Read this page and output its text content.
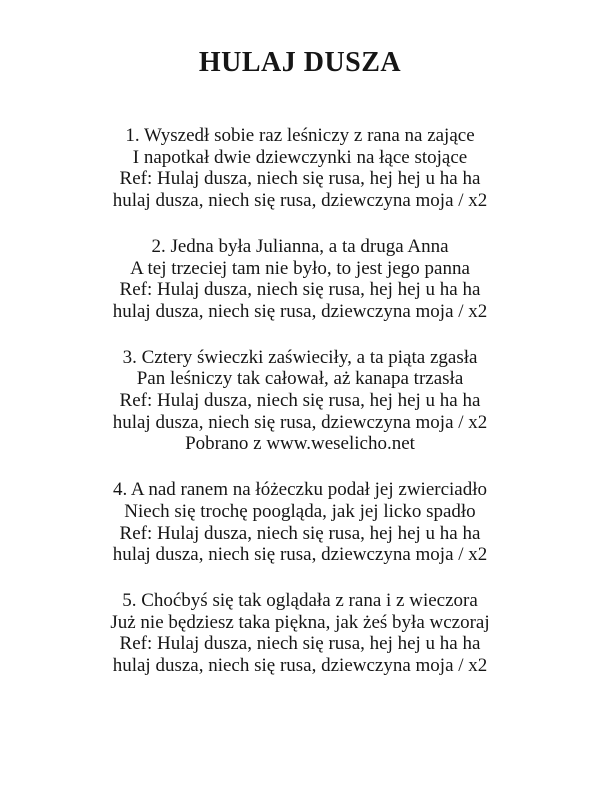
HULAJ DUSZA

1. Wyszedł sobie raz leśniczy z rana na zające
I napotkał dwie dziewczynki na łące stojące
Ref: Hulaj dusza, niech się rusa, hej hej u ha ha
hulaj dusza, niech się rusa, dziewczyna moja / x2

2. Jedna była Julianna, a ta druga Anna
A tej trzeciej tam nie było, to jest jego panna
Ref: Hulaj dusza, niech się rusa, hej hej u ha ha
hulaj dusza, niech się rusa, dziewczyna moja / x2

3. Cztery świeczki zaświeciły, a ta piąta zgasła
Pan leśniczy tak całował, aż kanapa trzasła
Ref: Hulaj dusza, niech się rusa, hej hej u ha ha
hulaj dusza, niech się rusa, dziewczyna moja / x2
Pobrano z www.weselicho.net

4. A nad ranem na łóżeczku podał jej zwierciadło
Niech się trochę poogląda, jak jej licko spadło
Ref: Hulaj dusza, niech się rusa, hej hej u ha ha
hulaj dusza, niech się rusa, dziewczyna moja / x2

5. Choćbyś się tak oglądała z rana i z wieczora
Już nie będziesz taka piękna, jak żeś była wczoraj
Ref: Hulaj dusza, niech się rusa, hej hej u ha ha
hulaj dusza, niech się rusa, dziewczyna moja / x2
